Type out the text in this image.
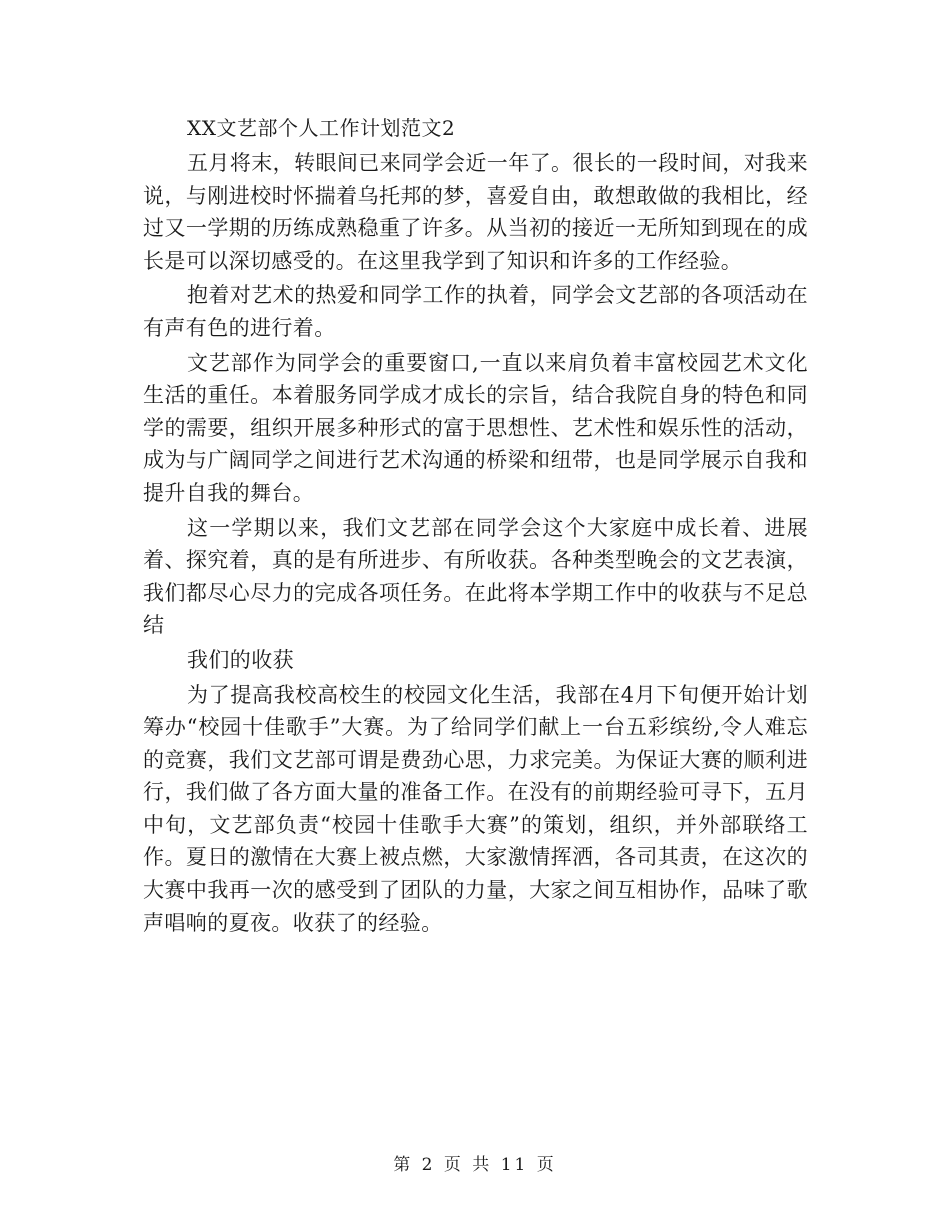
XX文艺部个人工作计划范文2

五月将末，转眼间已来同学会近一年了。很长的一段时间，对我来说，与刚进校时怀揣着乌托邦的梦，喜爱自由，敢想敢做的我相比，经过又一学期的历练成熟稳重了许多。从当初的接近一无所知到现在的成长是可以深切感受的。在这里我学到了知识和许多的工作经验。

抱着对艺术的热爱和同学工作的执着，同学会文艺部的各项活动在有声有色的进行着。

文艺部作为同学会的重要窗口,一直以来肩负着丰富校园艺术文化生活的重任。本着服务同学成才成长的宗旨，结合我院自身的特色和同学的需要，组织开展多种形式的富于思想性、艺术性和娱乐性的活动，成为与广阔同学之间进行艺术沟通的桥梁和纽带，也是同学展示自我和提升自我的舞台。

这一学期以来，我们文艺部在同学会这个大家庭中成长着、进展着、探究着，真的是有所进步、有所收获。各种类型晚会的文艺表演，我们都尽心尽力的完成各项任务。在此将本学期工作中的收获与不足总结

我们的收获

为了提高我校高校生的校园文化生活，我部在4月下旬便开始计划筹办“校园十佳歌手”大赛。为了给同学们献上一台五彩缤纷,令人难忘的竞赛，我们文艺部可谓是费劲心思，力求完美。为保证大赛的顺利进行，我们做了各方面大量的准备工作。在没有的前期经验可寻下，五月中旬，文艺部负责“校园十佳歌手大赛”的策划，组织，并外部联络工作。夏日的激情在大赛上被点燃，大家激情挥洒，各司其责，在这次的大赛中我再一次的感受到了团队的力量，大家之间互相协作，品味了歌声唱响的夏夜。收获了的经验。

第 2 页 共 11 页
